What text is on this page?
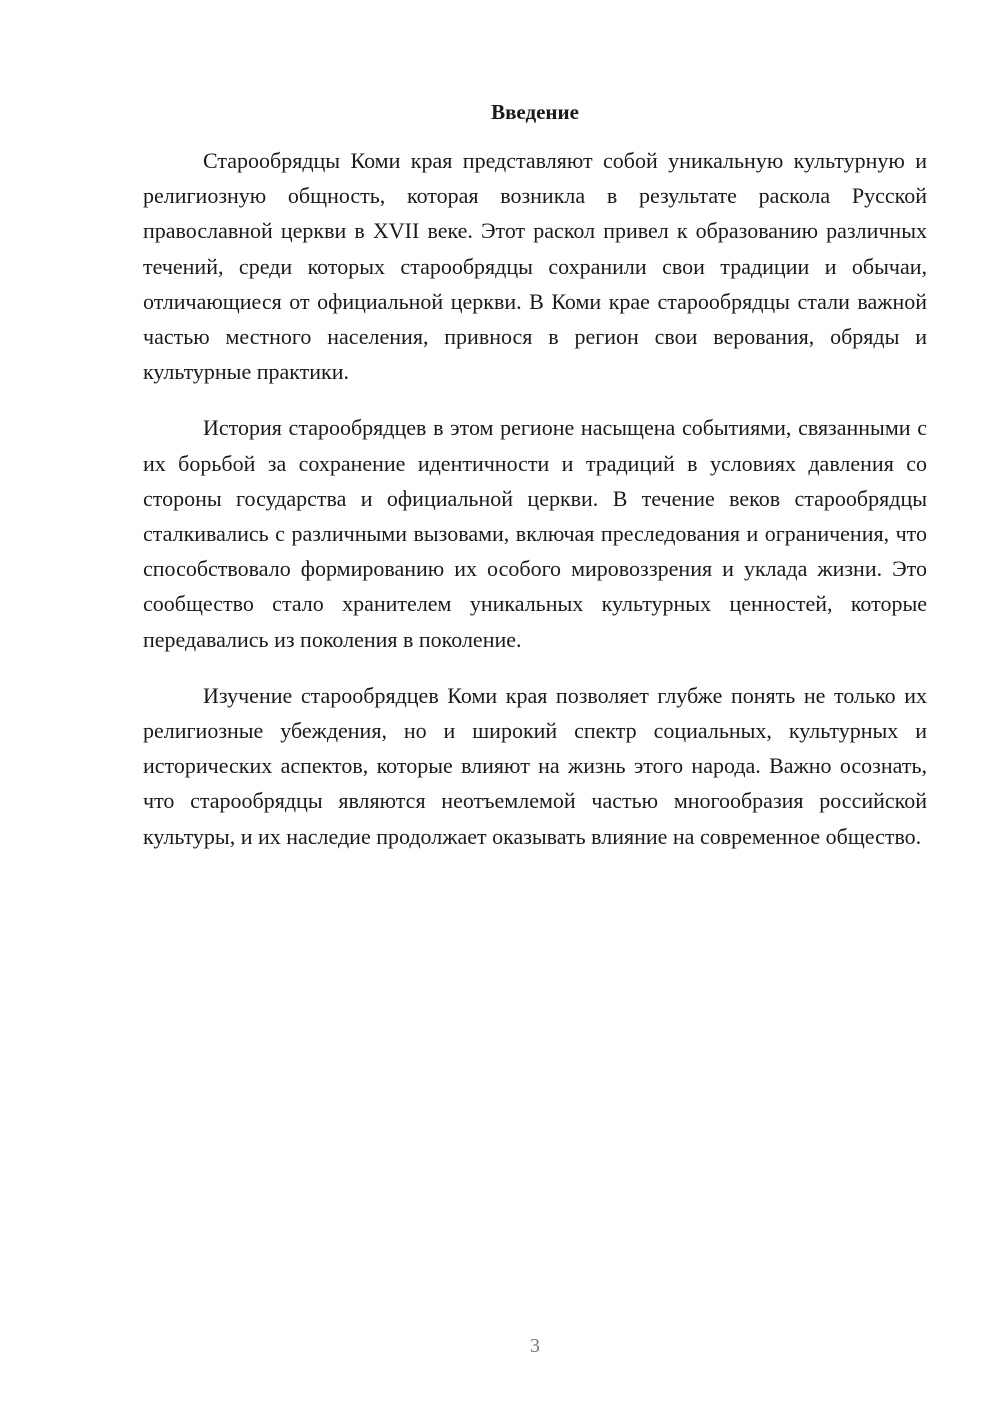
Введение

Старообрядцы Коми края представляют собой уникальную культурную и религиозную общность, которая возникла в результате раскола Русской православной церкви в XVII веке. Этот раскол привел к образованию различных течений, среди которых старообрядцы сохранили свои традиции и обычаи, отличающиеся от официальной церкви. В Коми крае старообрядцы стали важной частью местного населения, привнося в регион свои верования, обряды и культурные практики.

История старообрядцев в этом регионе насыщена событиями, связанными с их борьбой за сохранение идентичности и традиций в условиях давления со стороны государства и официальной церкви. В течение веков старообрядцы сталкивались с различными вызовами, включая преследования и ограничения, что способствовало формированию их особого мировоззрения и уклада жизни. Это сообщество стало хранителем уникальных культурных ценностей, которые передавались из поколения в поколение.

Изучение старообрядцев Коми края позволяет глубже понять не только их религиозные убеждения, но и широкий спектр социальных, культурных и исторических аспектов, которые влияют на жизнь этого народа. Важно осознать, что старообрядцы являются неотъемлемой частью многообразия российской культуры, и их наследие продолжает оказывать влияние на современное общество.

3
